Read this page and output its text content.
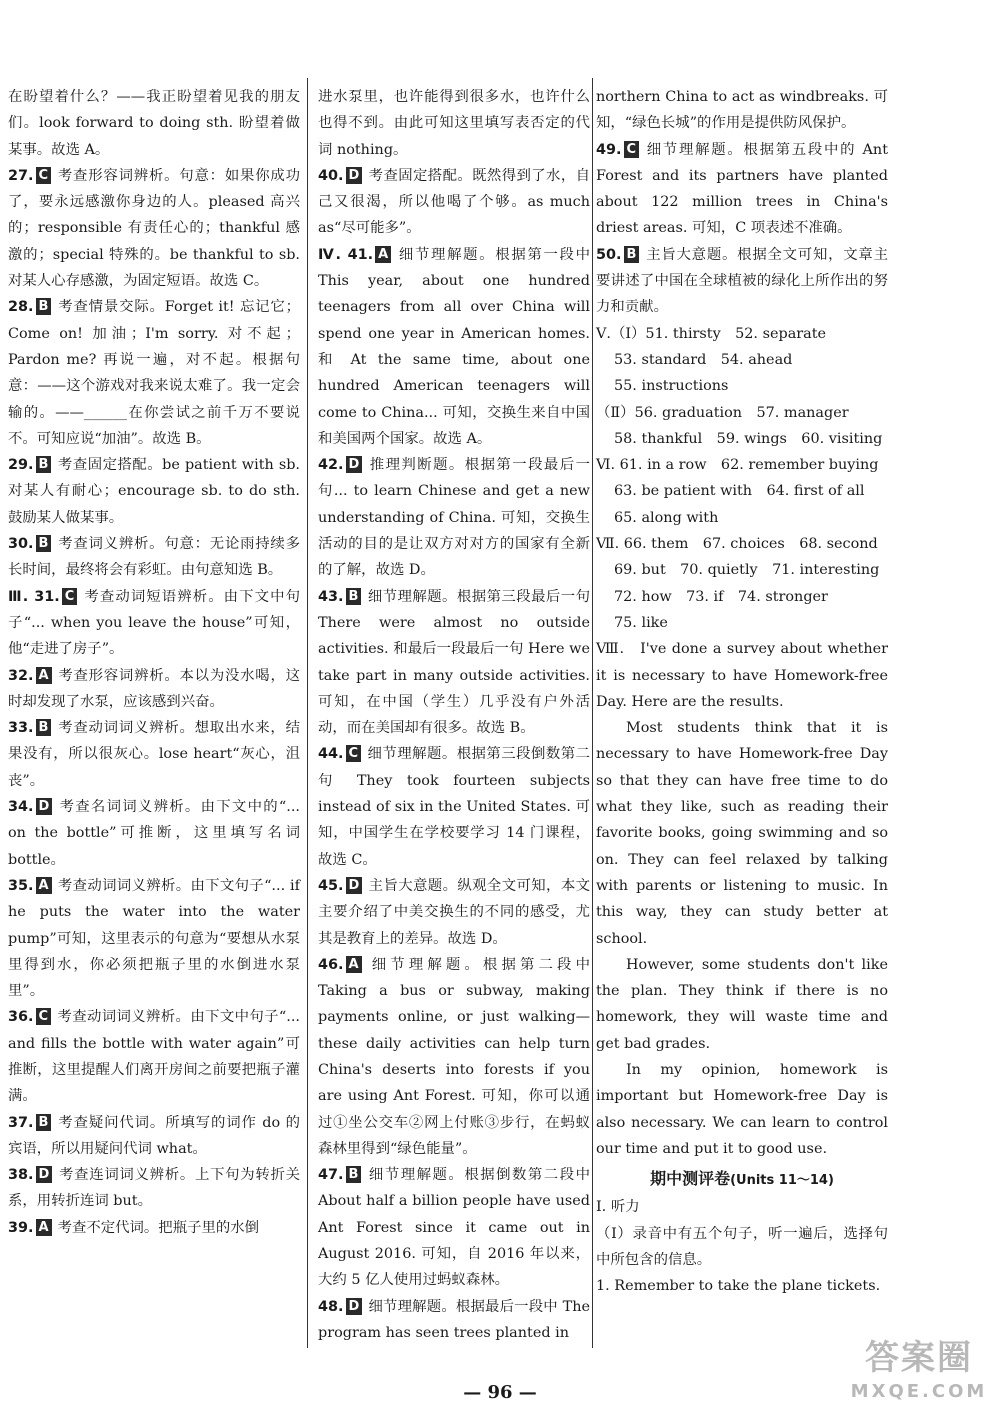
在盼望着什么？——我正盼望着见我的朋友们。look forward to doing sth. 盼望着做某事。故选 A。

27. C 考查形容词辨析。句意：如果你成功了，要永远感激你身边的人。pleased 高兴的；responsible 有责任心的；thankful 感激的；special 特殊的。be thankful to sb. 对某人心存感激，为固定短语。故选 C。

28. B 考查情景交际。Forget it! 忘记它；Come on! 加油；I'm sorry. 对不起；Pardon me? 再说一遍，对不起。根据句意：——这个游戏对我来说太难了。我一定会输的。——______在你尝试之前千万不要说不。可知应说“加油”。故选 B。

29. B 考查固定搭配。be patient with sb. 对某人有耐心；encourage sb. to do sth. 鼓励某人做某事。

30. B 考查词义辨析。句意：无论雨持续多长时间，最终将会有彩虹。由句意知选 B。

Ⅲ. 31. C 考查动词短语辨析。由下文中句子“... when you leave the house”可知，他“走进了房子”。

32. A 考查形容词辨析。本以为没水喝，这时却发现了水泵，应该感到兴奋。

33. B 考查动词词义辨析。想取出水来，结果没有，所以很灰心。lose heart“灰心，沮丧”。

34. D 考查名词词义辨析。由下文中的“... on the bottle”可推断，这里填写名词 bottle。

35. A 考查动词词义辨析。由下文句子“... if he puts the water into the water pump”可知，这里表示的句意为“要想从水泵里得到水，你必须把瓶子里的水倒进水泵里”。

36. C 考查动词词义辨析。由下文中句子“... and fills the bottle with water again”可推断，这里提醒人们离开房间之前要把瓶子灌满。

37. B 考查疑问代词。所填写的词作 do 的宾语，所以用疑问代词 what。

38. D 考查连词词义辨析。上下句为转折关系，用转折连词 but。

39. A 考查不定代词。把瓶子里的水倒

进水泵里，也许能得到很多水，也许什么也得不到。由此可知这里填写表否定的代词 nothing。

40. D 考查固定搭配。既然得到了水，自己又很渴，所以他喝了个够。as much as“尽可能多”。

Ⅳ. 41. A 细节理解题。根据第一段中 This year, about one hundred teenagers from all over China will spend one year in American homes. 和 At the same time, about one hundred American teenagers will come to China... 可知，交换生来自中国和美国两个国家。故选 A。

42. D 推理判断题。根据第一段最后一句... to learn Chinese and get a new understanding of China. 可知，交换生活动的目的是让双方对对方的国家有全新的了解，故选 D。

43. B 细节理解题。根据第三段最后一句 There were almost no outside activities. 和最后一段最后一句 Here we take part in many outside activities. 可知，在中国（学生）几乎没有户外活动，而在美国却有很多。故选 B。

44. C 细节理解题。根据第三段倒数第二句 They took fourteen subjects instead of six in the United States. 可知，中国学生在学校要学习 14 门课程，故选 C。

45. D 主旨大意题。纵观全文可知，本文主要介绍了中美交换生的不同的感受，尤其是教育上的差异。故选 D。

46. A 细节理解题。根据第二段中 Taking a bus or subway, making payments online, or just walking—these daily activities can help turn China's deserts into forests if you are using Ant Forest. 可知，你可以通过①坐公交车②网上付账③步行，在蚂蚁森林里得到“绿色能量”。

47. B 细节理解题。根据倒数第二段中 About half a billion people have used Ant Forest since it came out in August 2016. 可知，自 2016 年以来，大约 5 亿人使用过蚂蚁森林。

48. D 细节理解题。根据最后一段中 The program has seen trees planted in

northern China to act as windbreaks. 可知，“绿色长城”的作用是提供防风保护。

49. C 细节理解题。根据第五段中的 Ant Forest and its partners have planted about 122 million trees in China's driest areas. 可知，C 项表述不准确。

50. B 主旨大意题。根据全文可知，文章主要讲述了中国在全球植被的绿化上所作出的努力和贡献。

Ⅴ.（Ⅰ）51. thirsty　52. separate

53. standard　54. ahead

55. instructions

（Ⅱ）56. graduation　57. manager

58. thankful　59. wings　60. visiting

Ⅵ. 61. in a row　62. remember buying

63. be patient with　64. first of all

65. along with

Ⅶ. 66. them　67. choices　68. second

69. but　70. quietly　71. interesting

72. how　73. if　74. stronger

75. like

Ⅷ.　I've done a survey about whether it is necessary to have Homework-free Day. Here are the results.

Most students think that it is necessary to have Homework-free Day so that they can have free time to do what they like, such as reading their favorite books, going swimming and so on. They can feel relaxed by talking with parents or listening to music. In this way, they can study better at school.

However, some students don't like the plan. They think if there is no homework, they will waste time and get bad grades.

In my opinion, homework is important but Homework-free Day is also necessary. We can learn to control our time and put it to good use.

期中测评卷(Units 11～14)

Ⅰ. 听力

（Ⅰ）录音中有五个句子，听一遍后，选择句中所包含的信息。

1. Remember to take the plane tickets.

— 96 —
答案圈
MXQE.COM
